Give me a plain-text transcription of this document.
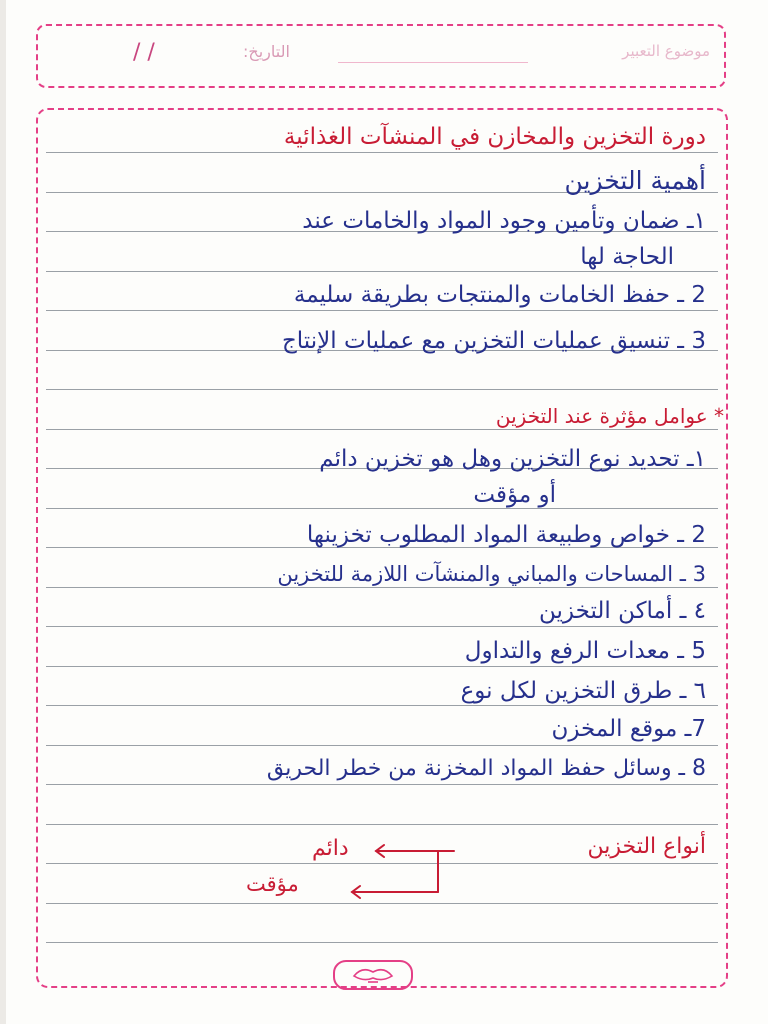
موضوع التعبير
التاريخ:
/ /
دورة التخزين والمخازن في المنشآت الغذائية
أهمية التخزين
١ـ ضمان وتأمين وجود المواد والخامات عند
الحاجة لها
2 ـ حفظ الخامات والمنتجات بطريقة سليمة
3 ـ تنسيق عمليات التخزين مع عمليات الإنتاج
* عوامل مؤثرة عند التخزين
١ـ تحديد نوع التخزين وهل هو تخزين دائم
أو مؤقت
2 ـ خواص وطبيعة المواد المطلوب تخزينها
3 ـ المساحات والمباني والمنشآت اللازمة للتخزين
٤ ـ أماكن التخزين
5 ـ معدات الرفع والتداول
٦ ـ طرق التخزين لكل نوع
7ـ موقع المخزن
8 ـ وسائل حفظ المواد المخزنة من خطر الحريق
أنواع التخزين
دائم
مؤقت
